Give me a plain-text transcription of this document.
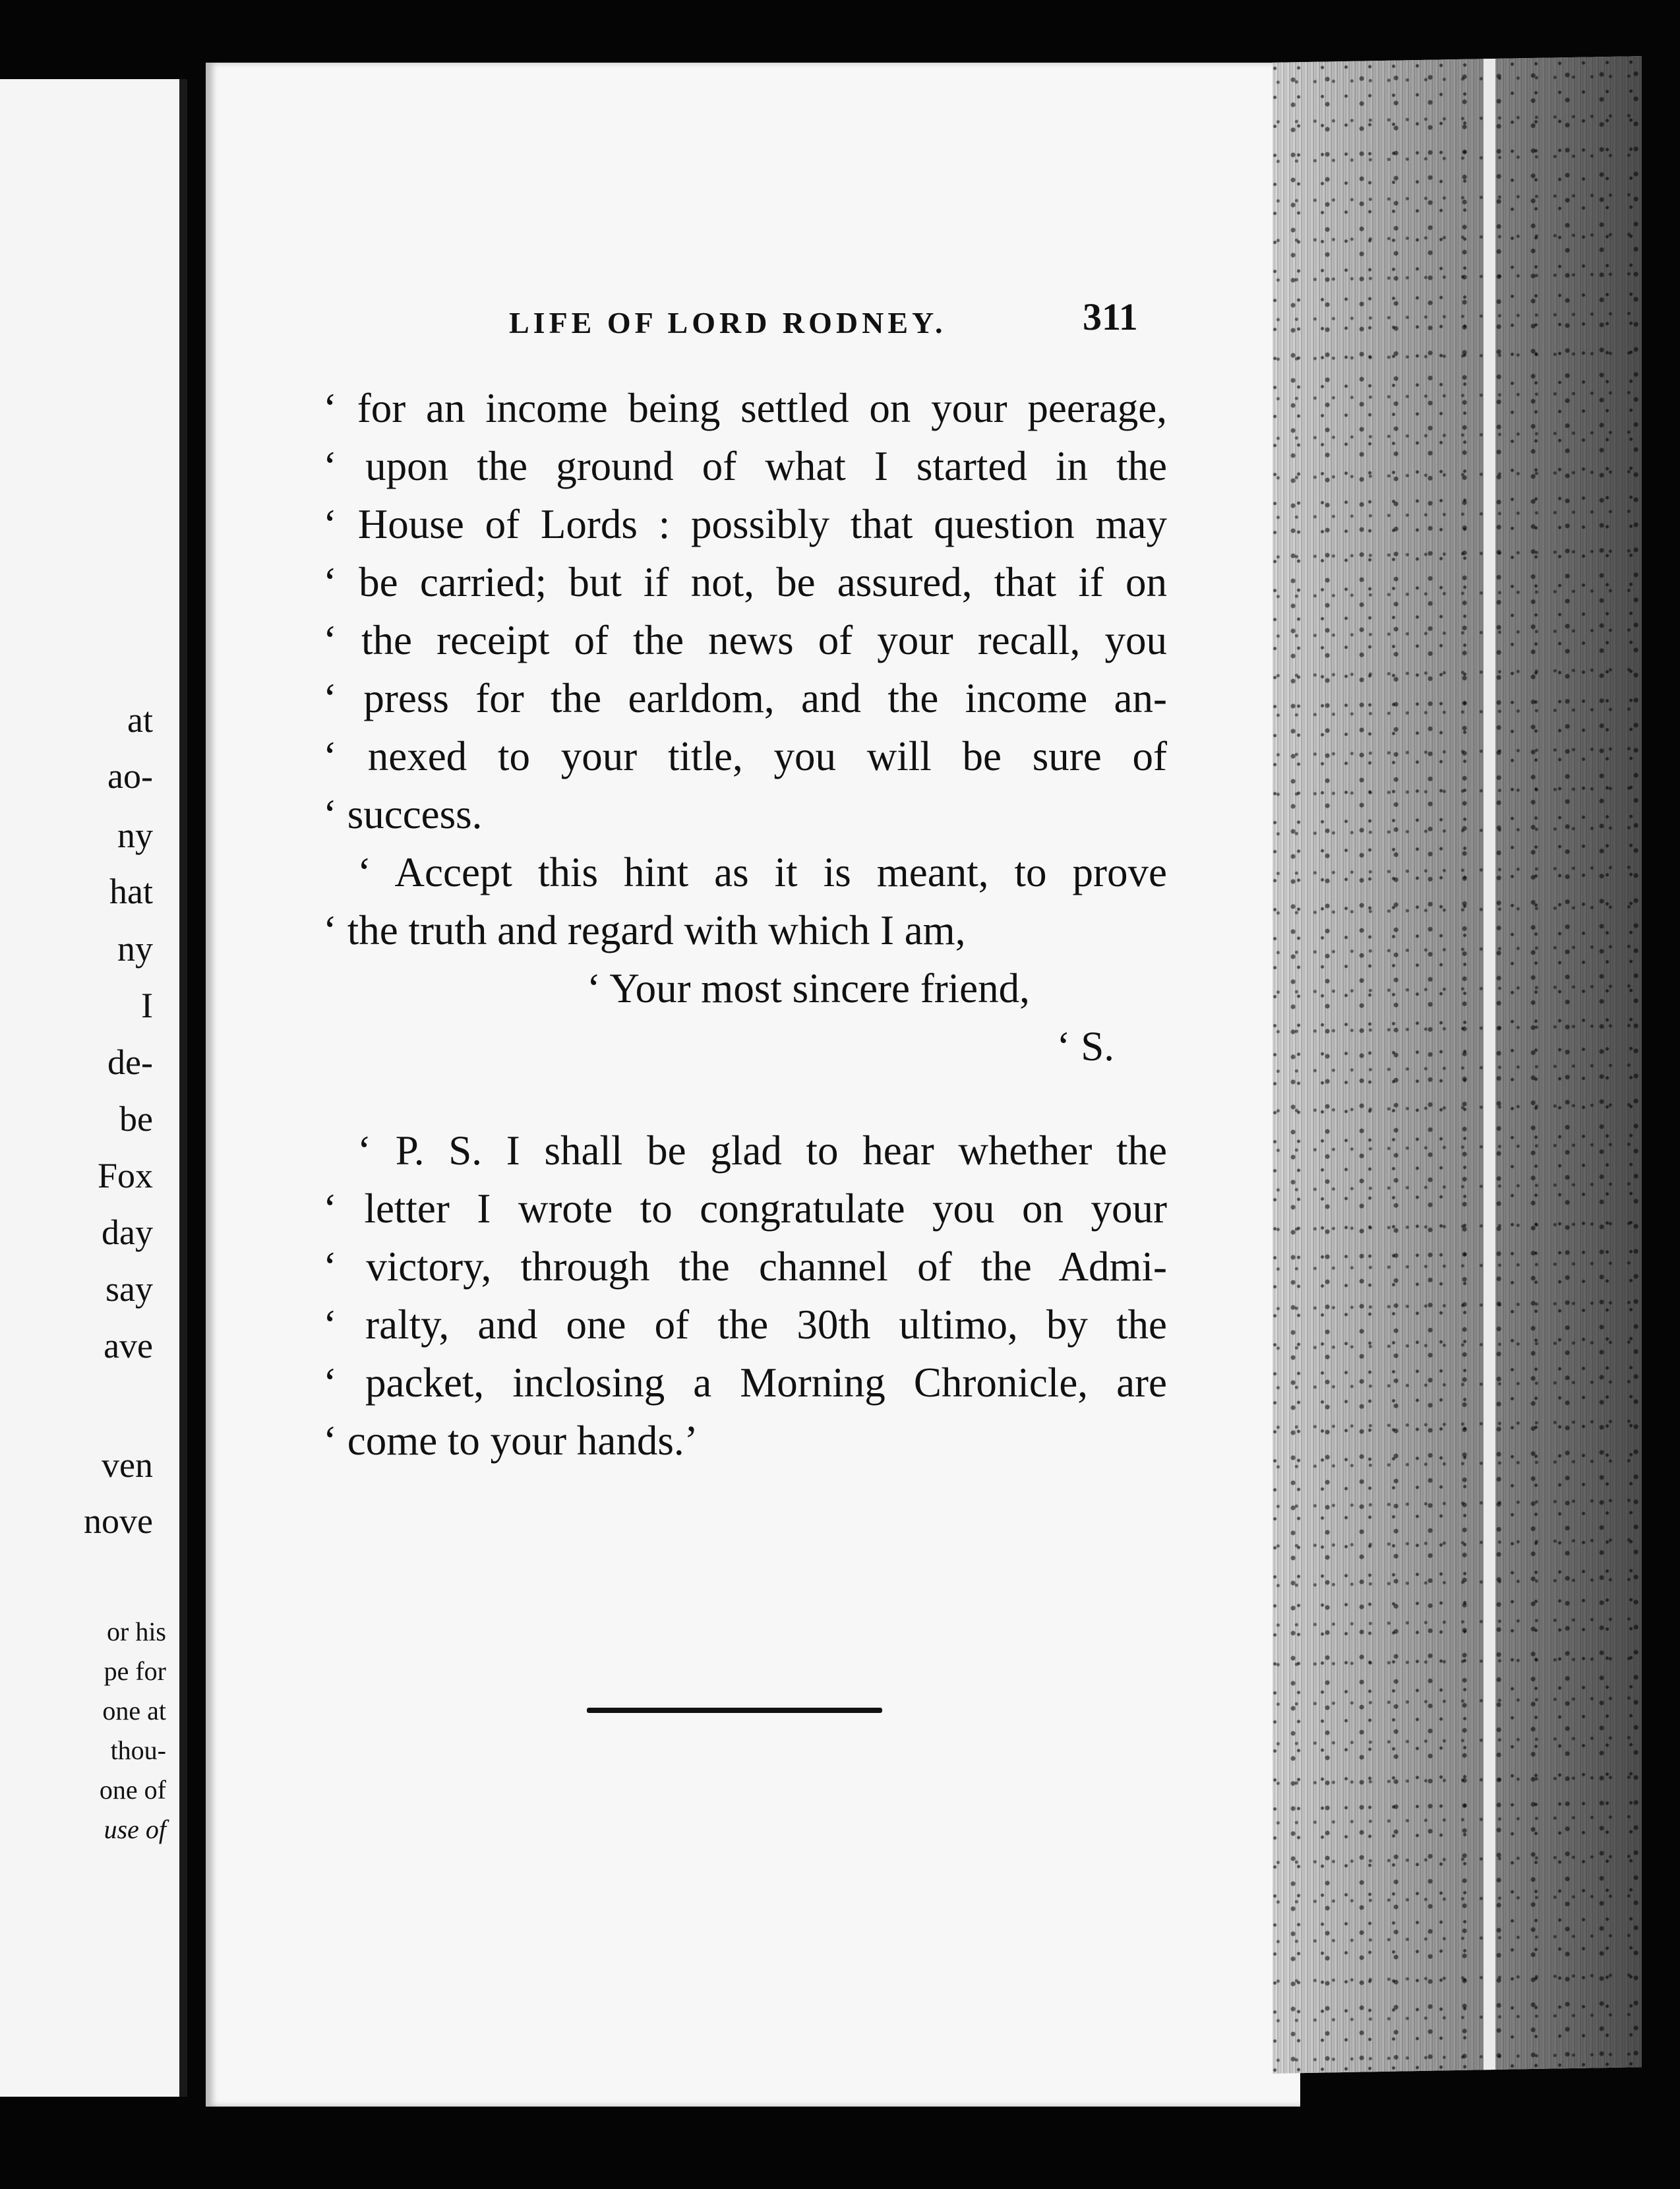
at
ao-
ny
hat
ny
I
de-
be
Fox
day
say
ave
ven
nove
or his
pe for
one at
thou-
one of
use of
LIFE OF LORD RODNEY.	311
‘ for an income being settled on your peerage,
‘ upon the ground of what I started in the
‘ House of Lords : possibly that question may
‘ be carried; but if not, be assured, that if on
‘ the receipt of the news of your recall, you
‘ press for the earldom, and the income an-
‘ nexed to your title, you will be sure of
‘ success.
‘ Accept this hint as it is meant, to prove
‘ the truth and regard with which I am,
‘ Your most sincere friend,
‘ S.
‘ P. S. I shall be glad to hear whether the
‘ letter I wrote to congratulate you on your
‘ victory, through the channel of the Admi-
‘ ralty, and one of the 30th ultimo, by the
‘ packet, inclosing a Morning Chronicle, are
‘ come to your hands.’
